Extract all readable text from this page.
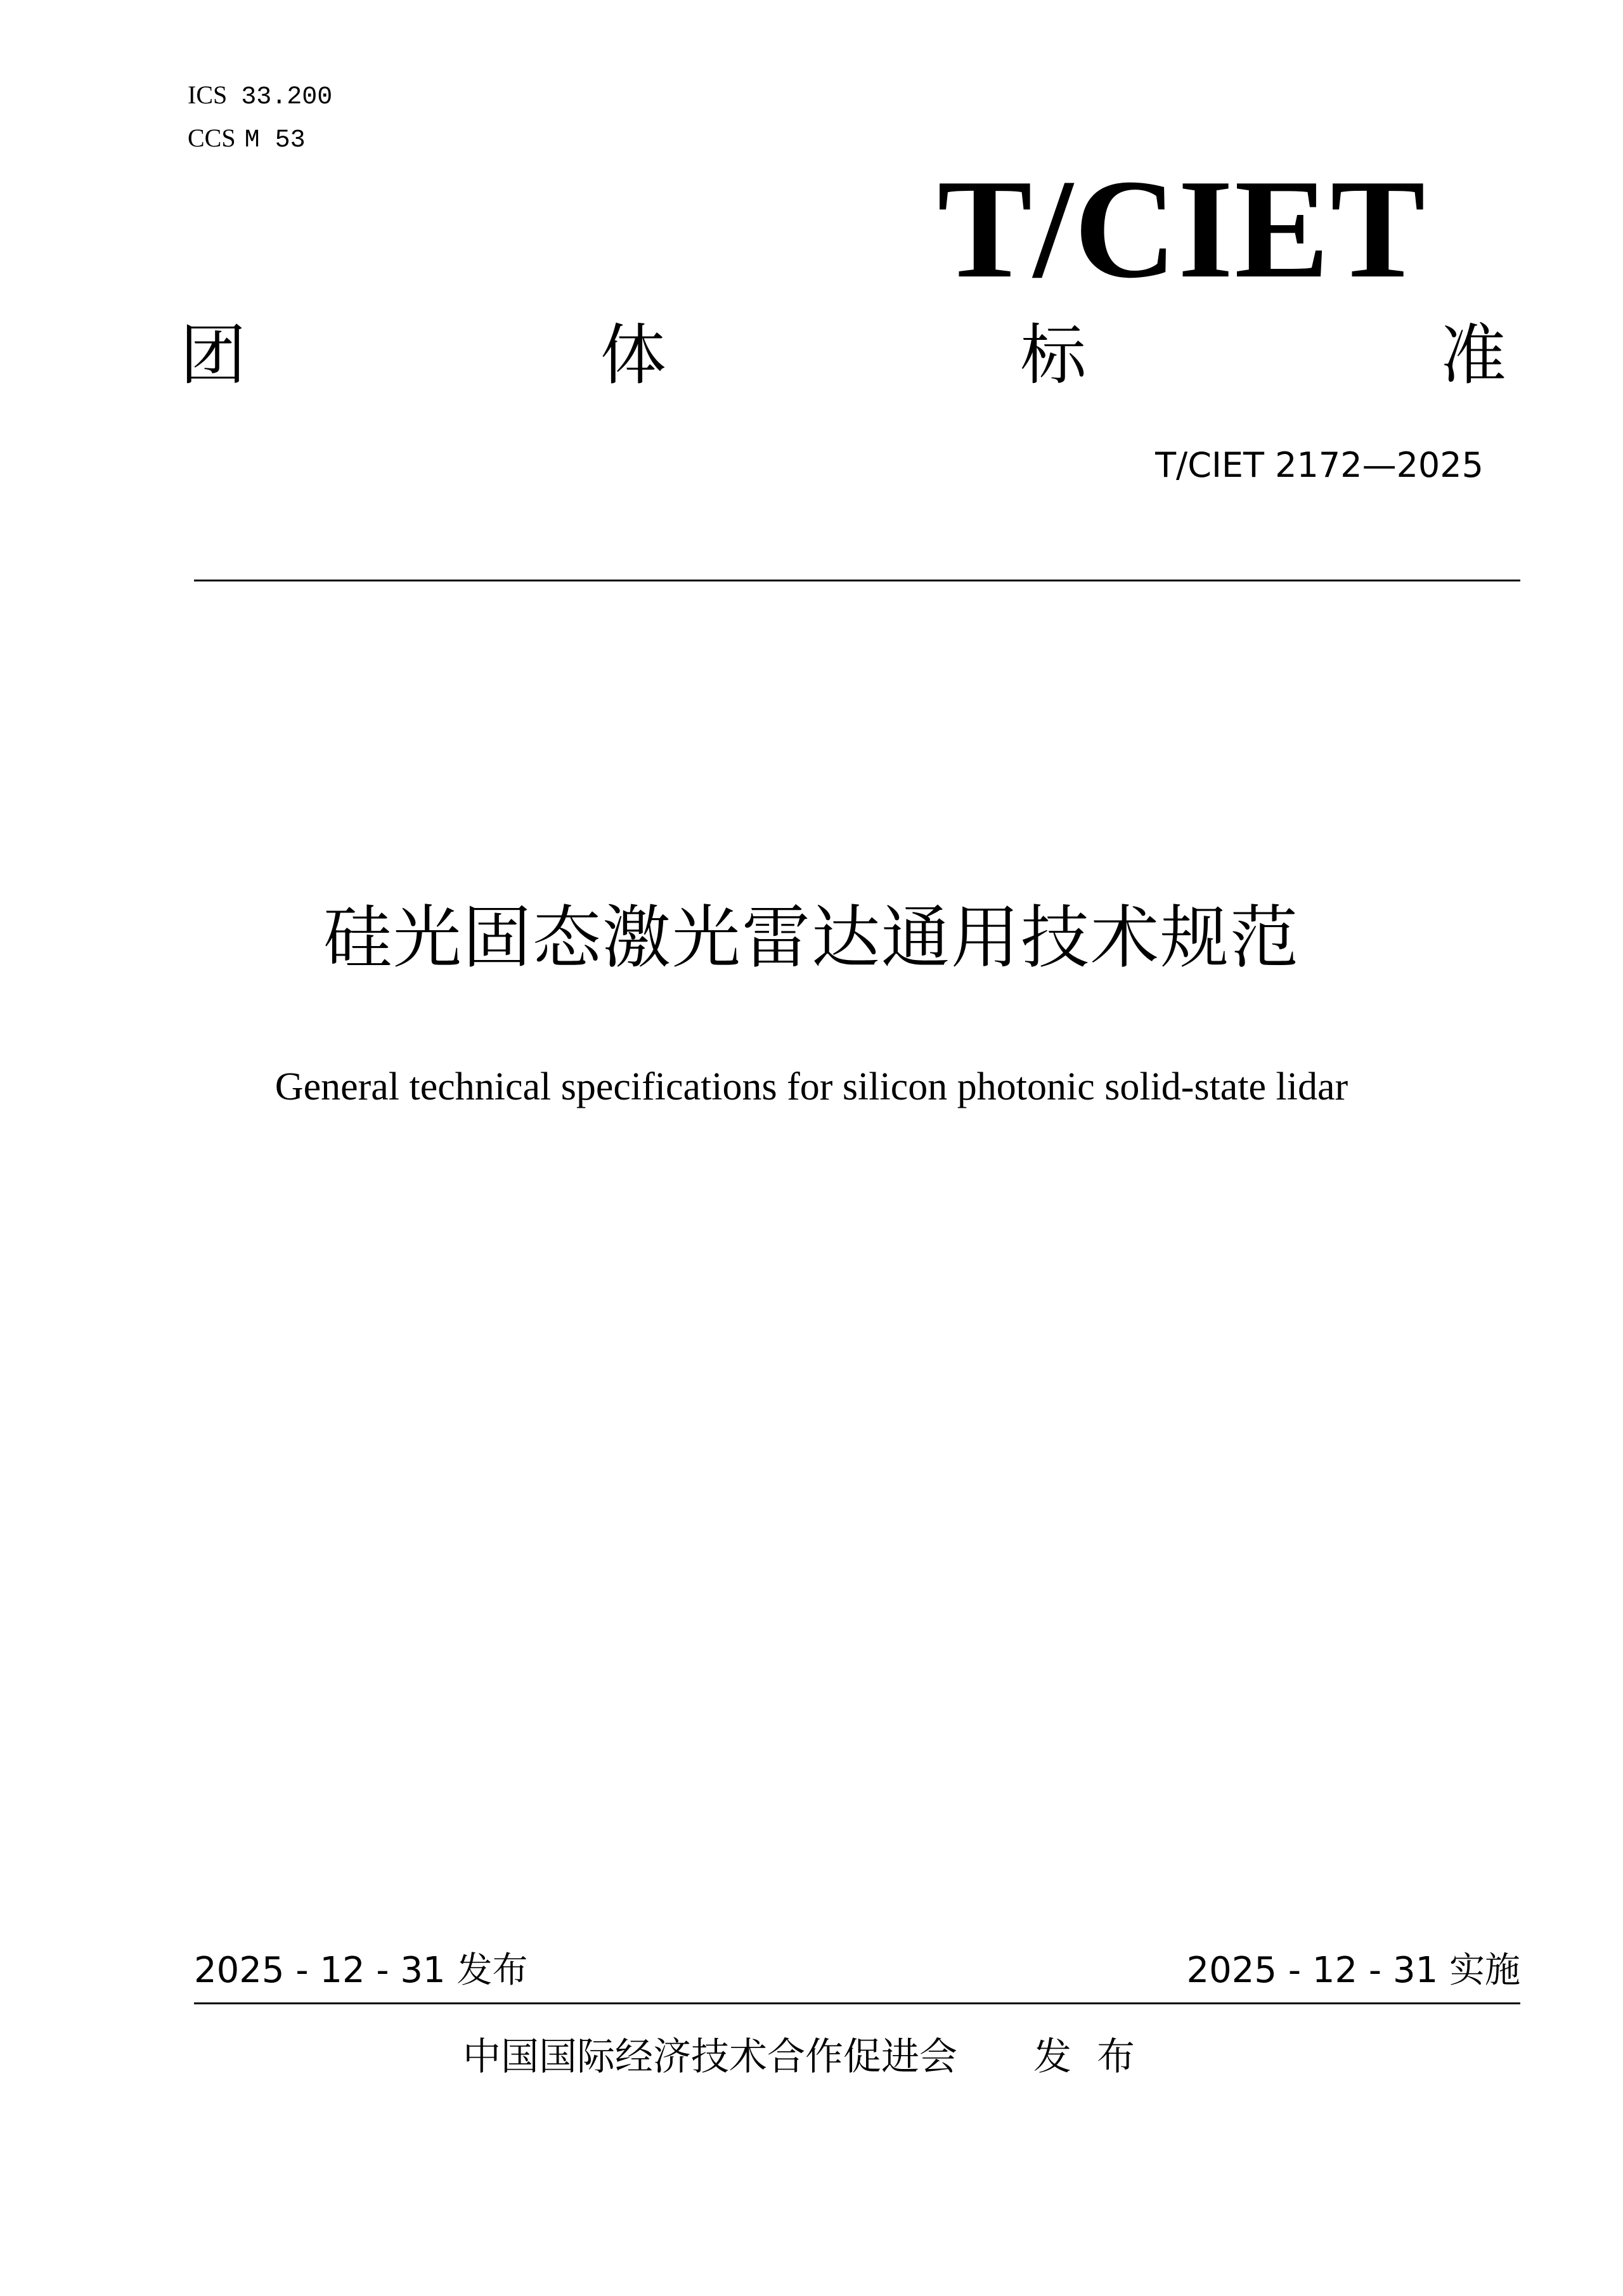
ICS 33.200
CCS M 53
T/CIET
团	体	标	准
T/CIET 2172—2025
硅光固态激光雷达通用技术规范
General technical specifications for silicon photonic solid-state lidar
2025 - 12 - 31 发布	2025 - 12 - 31 实施
中国国际经济技术合作促进会 发布
